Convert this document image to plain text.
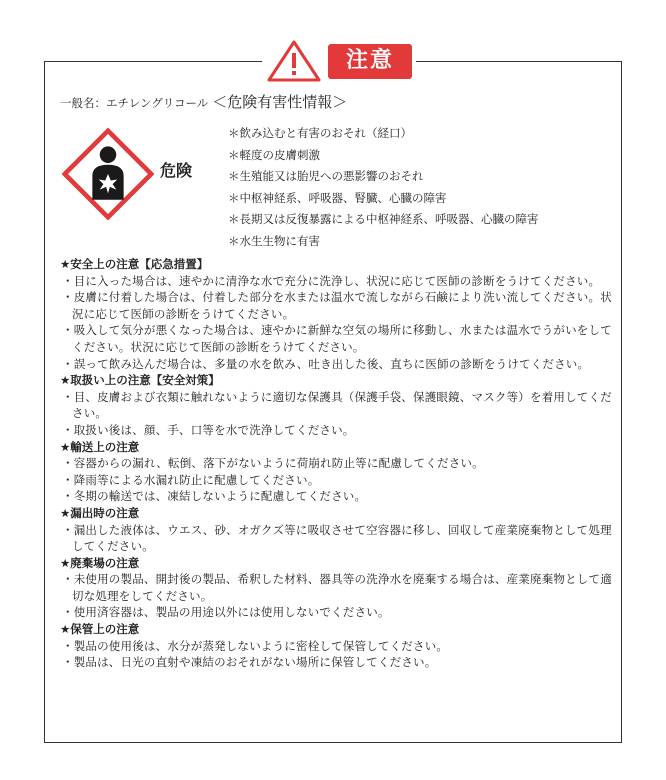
注意
一般名：エチレングリコール ＜危険有害性情報＞
危険
＊飲み込むと有害のおそれ（経口）
＊軽度の皮膚刺激
＊生殖能又は胎児への悪影響のおそれ
＊中枢神経系、呼吸器、腎臓、心臓の障害
＊長期又は反復暴露による中枢神経系、呼吸器、心臓の障害
＊水生生物に有害
★安全上の注意【応急措置】
・目に入った場合は、速やかに清浄な水で充分に洗浄し、状況に応じて医師の診断をうけてください。
・皮膚に付着した場合は、付着した部分を水または温水で流しながら石鹸により洗い流してください。状況に応じて医師の診断をうけてください。
・吸入して気分が悪くなった場合は、速やかに新鮮な空気の場所に移動し、水または温水でうがいをしてください。状況に応じて医師の診断をうけてください。
・誤って飲み込んだ場合は、多量の水を飲み、吐き出した後、直ちに医師の診断をうけてください。
★取扱い上の注意【安全対策】
・目、皮膚および衣類に触れないように適切な保護具（保護手袋、保護眼鏡、マスク等）を着用してください。
・取扱い後は、顔、手、口等を水で洗浄してください。
★輸送上の注意
・容器からの漏れ、転倒、落下がないように荷崩れ防止等に配慮してください。
・降雨等による水漏れ防止に配慮してください。
・冬期の輸送では、凍結しないように配慮してください。
★漏出時の注意
・漏出した液体は、ウエス、砂、オガクズ等に吸収させて空容器に移し、回収して産業廃棄物として処理してください。
★廃棄場の注意
・未使用の製品、開封後の製品、希釈した材料、器具等の洗浄水を廃棄する場合は、産業廃棄物として適切な処理をしてください。
・使用済容器は、製品の用途以外には使用しないでください。
★保管上の注意
・製品の使用後は、水分が蒸発しないように密栓して保管してください。
・製品は、日光の直射や凍結のおそれがない場所に保管してください。
